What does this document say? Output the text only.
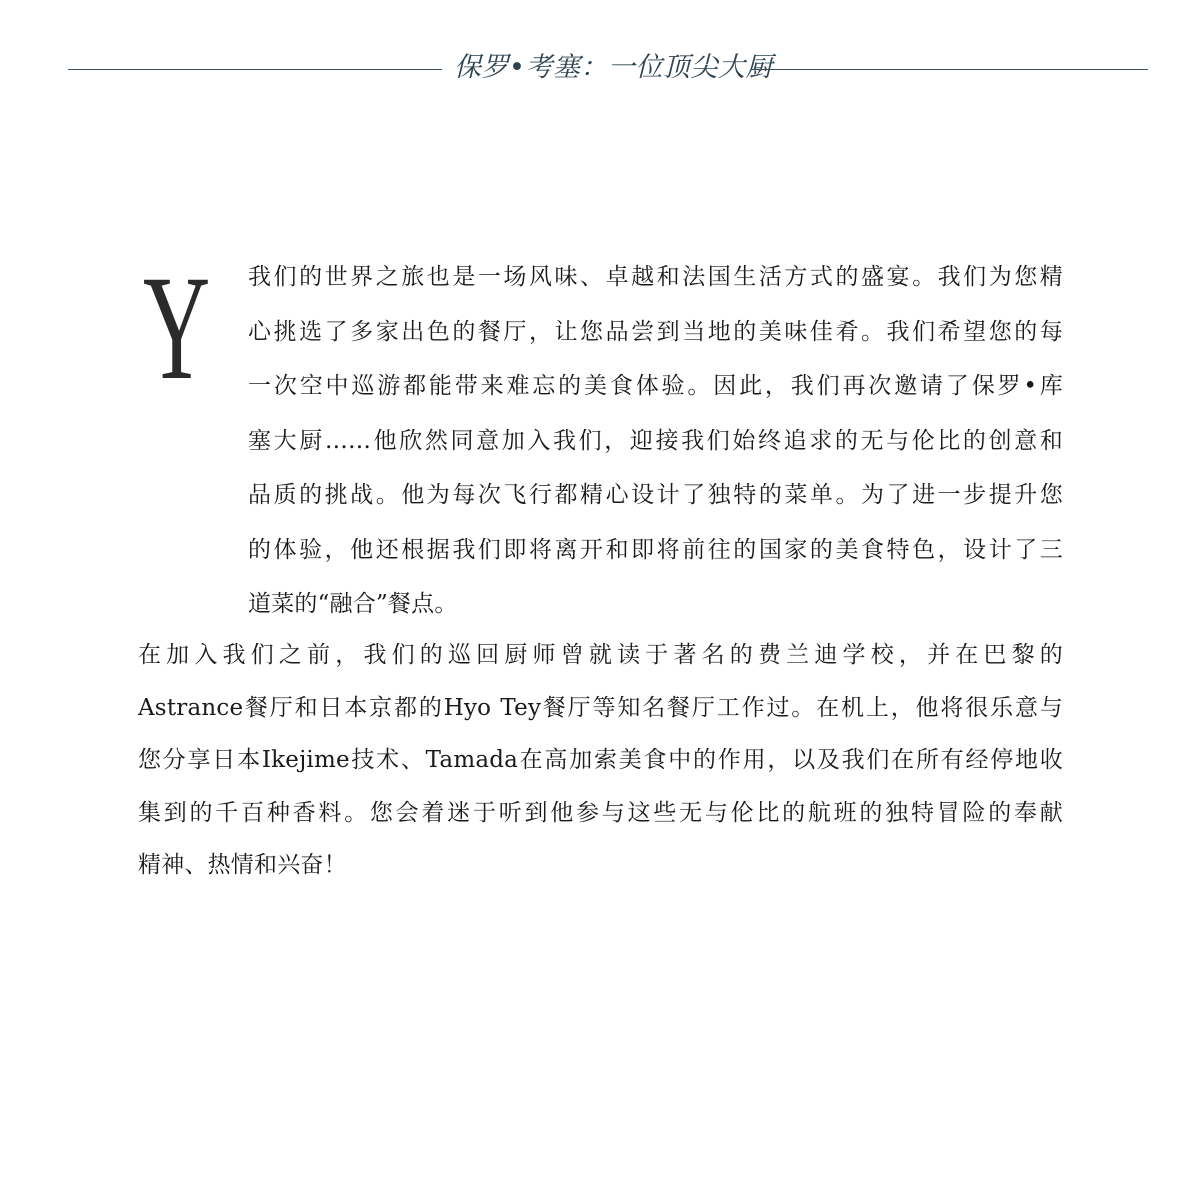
保罗•考塞：一位顶尖大厨
Y 我们的世界之旅也是一场风味、卓越和法国生活方式的盛宴。我们为您精
心挑选了多家出色的餐厅，让您品尝到当地的美味佳肴。我们希望您的每
一次空中巡游都能带来难忘的美食体验。因此，我们再次邀请了保罗•库
塞大厨……他欣然同意加入我们，迎接我们始终追求的无与伦比的创意和
品质的挑战。他为每次飞行都精心设计了独特的菜单。为了进一步提升您
的体验，他还根据我们即将离开和即将前往的国家的美食特色，设计了三
道菜的“融合”餐点。

在加入我们之前，我们的巡回厨师曾就读于著名的费兰迪学校，并在巴黎的
Astrance餐厅和日本京都的Hyo Tey餐厅等知名餐厅工作过。在机上，他将很乐意与
您分享日本Ikejime技术、Tamada在高加索美食中的作用，以及我们在所有经停地收
集到的千百种香料。您会着迷于听到他参与这些无与伦比的航班的独特冒险的奉献
精神、热情和兴奋！
